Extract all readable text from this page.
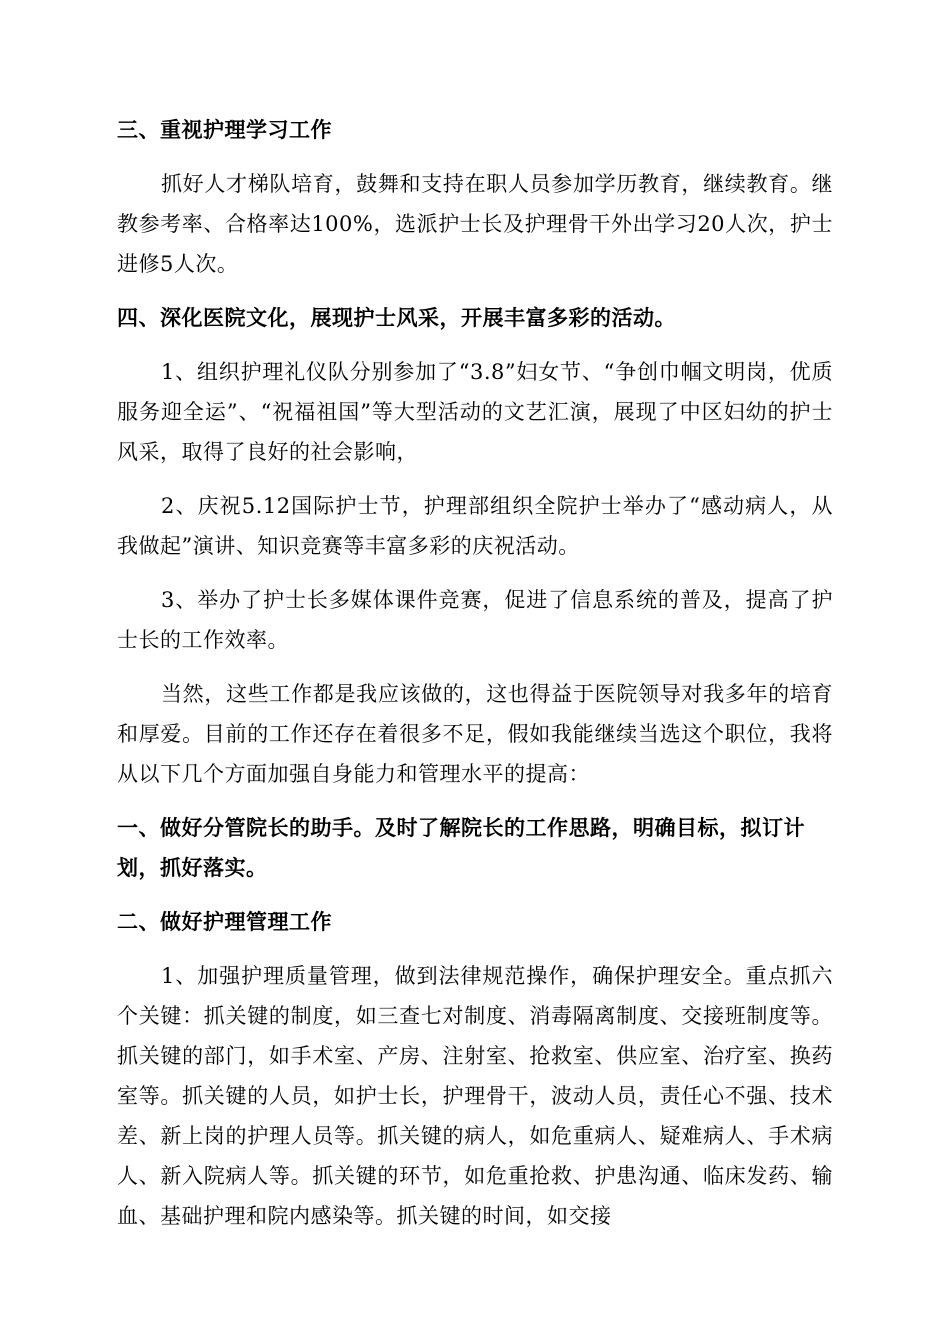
三、重视护理学习工作
抓好人才梯队培育，鼓舞和支持在职人员参加学历教育，继续教育。继教参考率、合格率达100%，选派护士长及护理骨干外出学习20人次，护士进修5人次。
四、深化医院文化，展现护士风采，开展丰富多彩的活动。
1、组织护理礼仪队分别参加了“3.8”妇女节、“争创巾帼文明岗，优质服务迎全运”、“祝福祖国”等大型活动的文艺汇演，展现了中区妇幼的护士风采，取得了良好的社会影响，
2、庆祝5.12国际护士节，护理部组织全院护士举办了“感动病人，从我做起”演讲、知识竞赛等丰富多彩的庆祝活动。
3、举办了护士长多媒体课件竞赛，促进了信息系统的普及，提高了护士长的工作效率。
当然，这些工作都是我应该做的，这也得益于医院领导对我多年的培育和厚爱。目前的工作还存在着很多不足，假如我能继续当选这个职位，我将从以下几个方面加强自身能力和管理水平的提高：
一、做好分管院长的助手。及时了解院长的工作思路，明确目标，拟订计划，抓好落实。
二、做好护理管理工作
1、加强护理质量管理，做到法律规范操作，确保护理安全。重点抓六个关键：抓关键的制度，如三查七对制度、消毒隔离制度、交接班制度等。抓关键的部门，如手术室、产房、注射室、抢救室、供应室、治疗室、换药室等。抓关键的人员，如护士长，护理骨干，波动人员，责任心不强、技术差、新上岗的护理人员等。抓关键的病人，如危重病人、疑难病人、手术病人、新入院病人等。抓关键的环节，如危重抢救、护患沟通、临床发药、输血、基础护理和院内感染等。抓关键的时间，如交接
